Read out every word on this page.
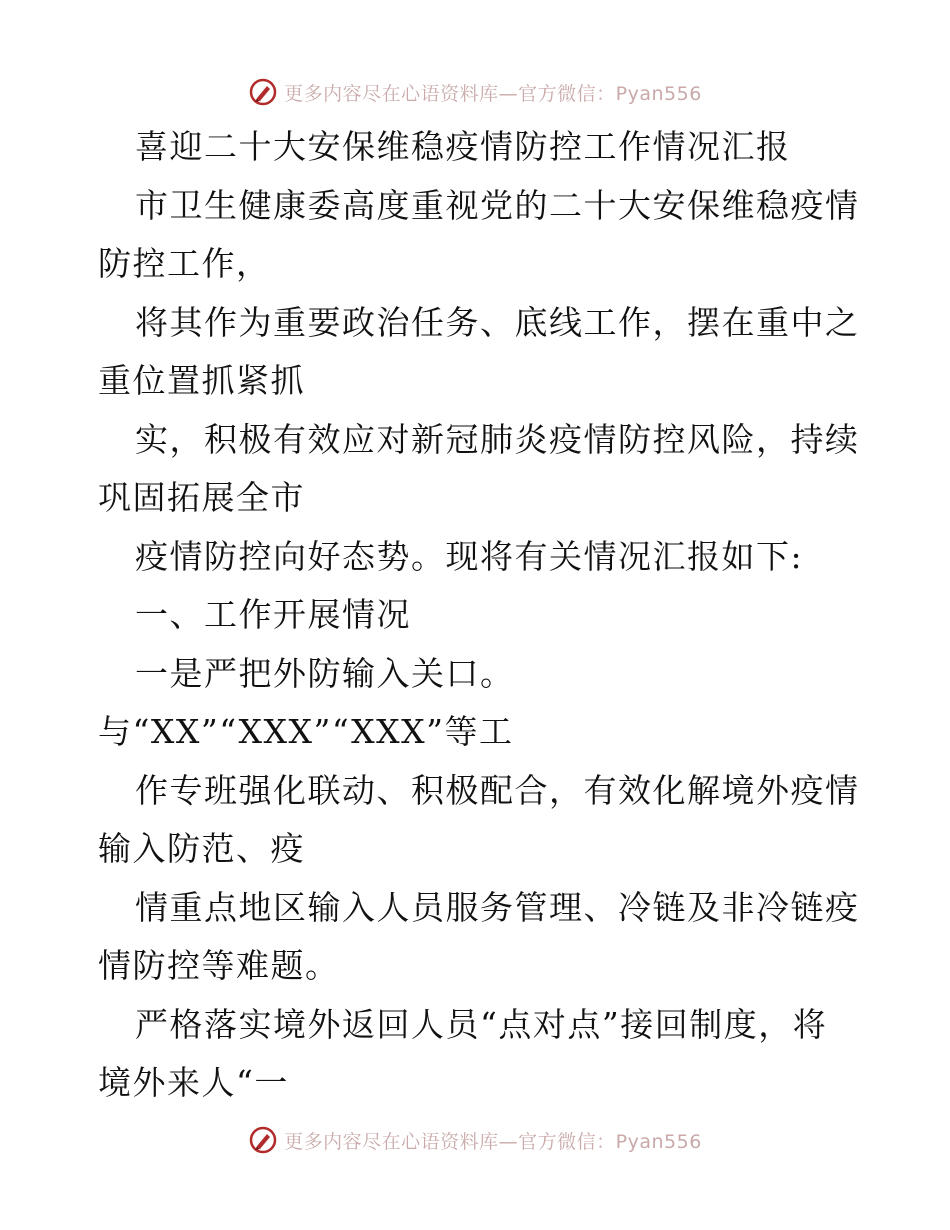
更多内容尽在心语资料库—官方微信：Pyan556
喜迎二十大安保维稳疫情防控工作情况汇报
市卫生健康委高度重视党的二十大安保维稳疫情
防控工作，
将其作为重要政治任务、底线工作，摆在重中之
重位置抓紧抓
实，积极有效应对新冠肺炎疫情防控风险，持续
巩固拓展全市
疫情防控向好态势。现将有关情况汇报如下:
一、工作开展情况
一是严把外防输入关口。
与“XX”“XXX”“XXX”等工
作专班强化联动、积极配合，有效化解境外疫情
输入防范、疫
情重点地区输入人员服务管理、冷链及非冷链疫
情防控等难题。
严格落实境外返回人员“点对点”接回制度，将
境外来人“一
更多内容尽在心语资料库—官方微信：Pyan556
